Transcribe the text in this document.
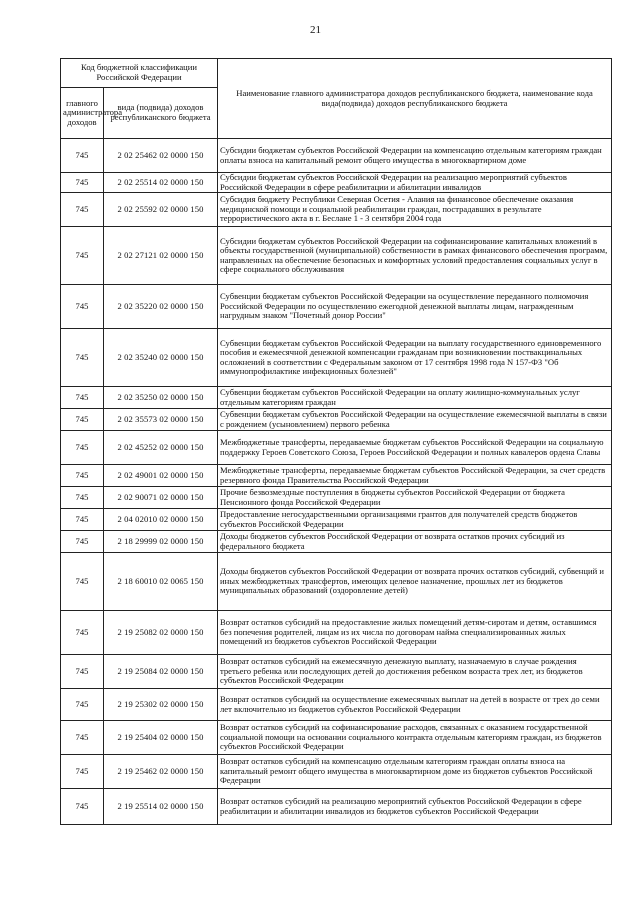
21
Код бюджетной классификации Российской Федерации		Наименование главного администратора доходов республиканского бюджета, наименование кода вида(подвида) доходов республиканского бюджета
главного администратора доходов	вида (подвида) доходов республиканского бюджета	
745	2 02 25462 02 0000 150	Субсидии бюджетам субъектов Российской Федерации на компенсацию отдельным категориям граждан оплаты взноса на капитальный ремонт общего имущества в многоквартирном доме
745	2 02 25514 02 0000 150	Субсидии бюджетам субъектов Российской Федерации на реализацию мероприятий субъектов Российской Федерации в сфере реабилитации и абилитации инвалидов
745	2 02 25592 02 0000 150	Субсидия бюджету Республики Северная Осетия - Алания на финансовое обеспечение оказания медицинской помощи и социальной реабилитации граждан, пострадавших в результате террористического акта в г. Беслане 1 - 3 сентября 2004 года
745	2 02 27121 02 0000 150	Субсидии бюджетам субъектов Российской Федерации на софинансирование капитальных вложений в объекты государственной (муниципальной) собственности в рамках финансового обеспечения программ, направленных на обеспечение безопасных и комфортных условий предоставления социальных услуг в сфере социального обслуживания
745	2 02 35220 02 0000 150	Субвенции бюджетам субъектов Российской Федерации на осуществление переданного полномочия Российской Федерации по осуществлению ежегодной денежной выплаты лицам, награжденным нагрудным знаком "Почетный донор России"
745	2 02 35240 02 0000 150	Субвенции бюджетам субъектов Российской Федерации на выплату государственного единовременного пособия и ежемесячной денежной компенсации гражданам при возникновении поствакцинальных осложнений в соответствии с Федеральным законом от 17 сентября 1998 года N 157-ФЗ "Об иммунопрофилактике инфекционных болезней"
745	2 02 35250 02 0000 150	Субвенции бюджетам субъектов Российской Федерации на оплату жилищно-коммунальных услуг отдельным категориям граждан
745	2 02 35573 02 0000 150	Субвенции бюджетам субъектов Российской Федерации на осуществление ежемесячной выплаты в связи с рождением (усыновлением) первого ребенка
745	2 02 45252 02 0000 150	Межбюджетные трансферты, передаваемые бюджетам субъектов Российской Федерации на социальную поддержку Героев Советского Союза, Героев Российской Федерации и полных кавалеров ордена Славы
745	2 02 49001 02 0000 150	Межбюджетные трансферты, передаваемые бюджетам субъектов Российской Федерации, за счет средств резервного фонда Правительства Российской Федерации
745	2 02 90071 02 0000 150	Прочие безвозмездные поступления в бюджеты субъектов Российской Федерации от бюджета Пенсионного фонда Российской Федерации
745	2 04 02010 02 0000 150	Предоставление негосударственными организациями грантов для получателей средств бюджетов субъектов Российской Федерации
745	2 18 29999 02 0000 150	Доходы бюджетов субъектов Российской Федерации от возврата остатков прочих субсидий из федерального бюджета
745	2 18 60010 02 0065 150	Доходы бюджетов субъектов Российской Федерации от возврата прочих остатков субсидий, субвенций и иных межбюджетных трансфертов, имеющих целевое назначение, прошлых лет из бюджетов муниципальных образований (оздоровление детей)
745	2 19 25082 02 0000 150	Возврат остатков субсидий на предоставление жилых помещений детям-сиротам и детям, оставшимся без попечения родителей, лицам из их числа по договорам найма специализированных жилых помещений из бюджетов субъектов Российской Федерации
745	2 19 25084 02 0000 150	Возврат остатков субсидий на ежемесячную денежную выплату, назначаемую в случае рождения третьего ребенка или последующих детей до достижения ребенком возраста трех лет, из бюджетов субъектов Российской Федерации
745	2 19 25302 02 0000 150	Возврат остатков субсидий на осуществление ежемесячных выплат на детей в возрасте от трех до семи лет включительно из бюджетов субъектов Российской Федерации
745	2 19 25404 02 0000 150	Возврат остатков субсидий на софинансирование расходов, связанных с оказанием государственной социальной помощи на основании социального контракта отдельным категориям граждан, из бюджетов субъектов Российской Федерации
745	2 19 25462 02 0000 150	Возврат остатков субсидий на компенсацию отдельным категориям граждан оплаты взноса на капитальный ремонт общего имущества в многоквартирном доме из бюджетов субъектов Российской Федерации
745	2 19 25514 02 0000 150	Возврат остатков субсидий на реализацию мероприятий субъектов Российской Федерации в сфере реабилитации и абилитации инвалидов из бюджетов субъектов Российской Федерации
